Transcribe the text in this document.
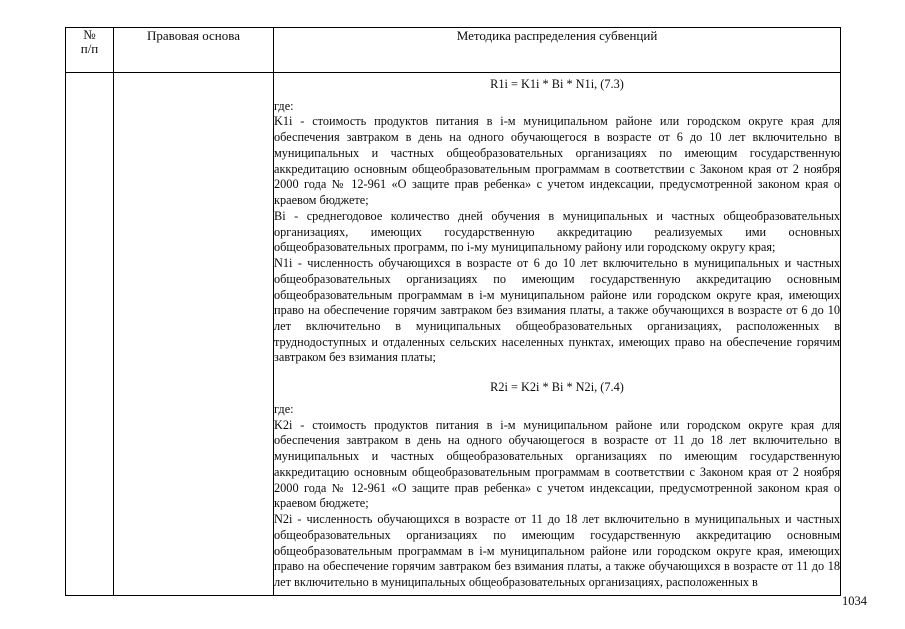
№
п/п	Правовая основа	Методика распределения субвенций

R1i = K1i * Bi * N1i, (7.3)

где:

K1i - стоимость продуктов питания в i-м муниципальном районе или городском округе края для обеспечения завтраком в день на одного обучающегося в возрасте от 6 до 10 лет включительно в муниципальных и частных общеобразовательных организациях по имеющим государственную аккредитацию основным общеобразовательным программам в соответствии с Законом края от 2 ноября 2000 года № 12-961 «О защите прав ребенка» с учетом индексации, предусмотренной законом края о краевом бюджете;

Bi - среднегодовое количество дней обучения в муниципальных и частных общеобразовательных организациях, имеющих государственную аккредитацию реализуемых ими основных общеобразовательных программ, по i-му муниципальному району или городскому округу края;

N1i - численность обучающихся в возрасте от 6 до 10 лет включительно в муниципальных и частных общеобразовательных организациях по имеющим государственную аккредитацию основным общеобразовательным программам в i-м муниципальном районе или городском округе края, имеющих право на обеспечение горячим завтраком без взимания платы, а также обучающихся в возрасте от 6 до 10 лет включительно в муниципальных общеобразовательных организациях, расположенных в труднодоступных и отдаленных сельских населенных пунктах, имеющих право на обеспечение горячим завтраком без взимания платы;

R2i = K2i * Bi * N2i, (7.4)

где:

K2i - стоимость продуктов питания в i-м муниципальном районе или городском округе края для обеспечения завтраком в день на одного обучающегося в возрасте от 11 до 18 лет включительно в муниципальных и частных общеобразовательных организациях по имеющим государственную аккредитацию основным общеобразовательным программам в соответствии с Законом края от 2 ноября 2000 года № 12-961 «О защите прав ребенка» с учетом индексации, предусмотренной законом края о краевом бюджете;

N2i - численность обучающихся в возрасте от 11 до 18 лет включительно в муниципальных и частных общеобразовательных организациях по имеющим государственную аккредитацию основным общеобразовательным программам в i-м муниципальном районе или городском округе края, имеющих право на обеспечение горячим завтраком без взимания платы, а также обучающихся в возрасте от 11 до 18 лет включительно в муниципальных общеобразовательных организациях, расположенных в

1034
